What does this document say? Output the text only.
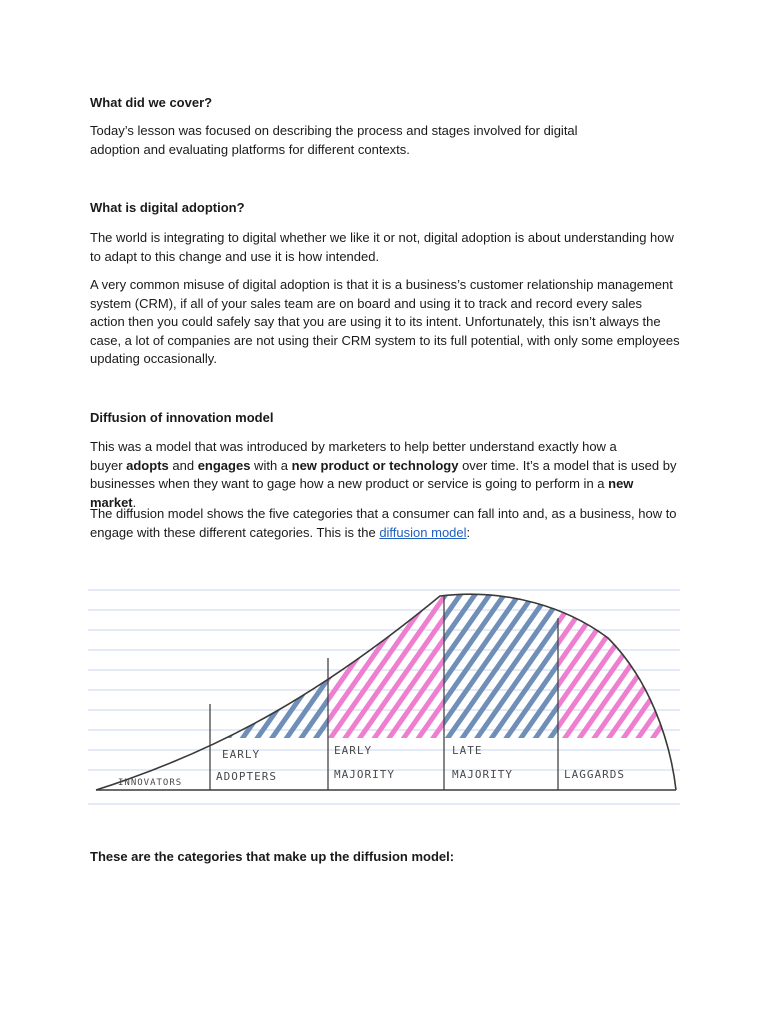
What did we cover?

Today’s lesson was focused on describing the process and stages involved for digital
adoption and evaluating platforms for different contexts.

What is digital adoption?

The world is integrating to digital whether we like it or not, digital adoption is about understanding how to adapt to this change and use it is how intended.

A very common misuse of digital adoption is that it is a business’s customer relationship management system (CRM), if all of your sales team are on board and using it to track and record every sales action then you could safely say that you are using it to its intent. Unfortunately, this isn’t always the case, a lot of companies are not using their CRM system to its full potential, with only some employees updating occasionally.

Diffusion of innovation model

This was a model that was introduced by marketers to help better understand exactly how a
buyer adopts and engages with a new product or technology over time. It’s a model that is used by businesses when they want to gage how a new product or service is going to perform in a new market.

The diffusion model shows the five categories that a consumer can fall into and, as a business, how to engage with these different categories. This is the diffusion model:

INNOVATORS
EARLY
ADOPTERS
EARLY
MAJORITY
LATE
MAJORITY	LAGGARDS
These are the categories that make up the diffusion model:
